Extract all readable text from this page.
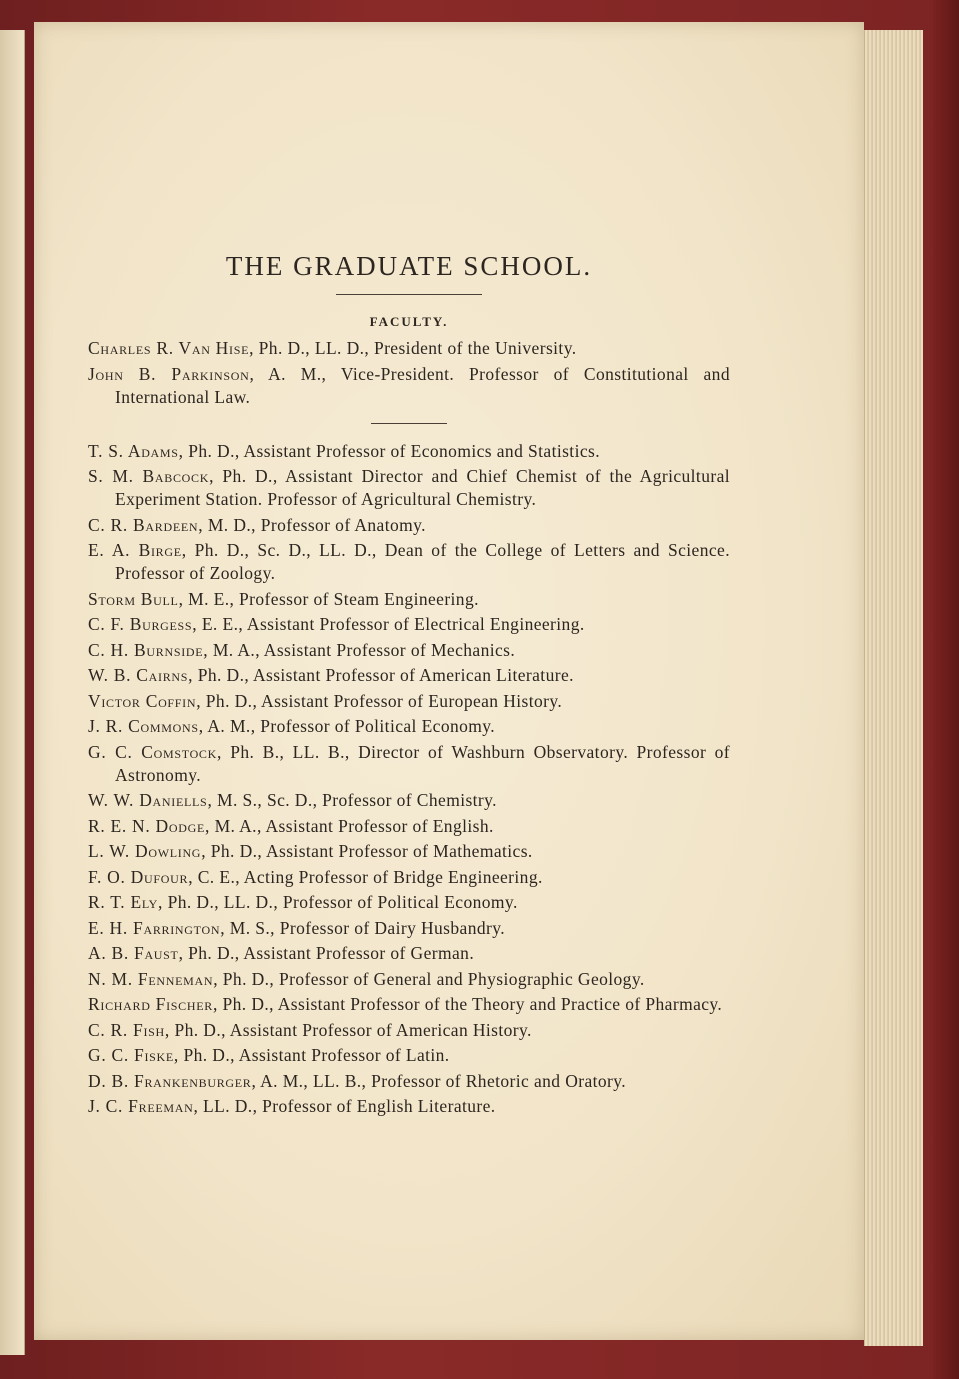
THE GRADUATE SCHOOL.
FACULTY.

Charles R. Van Hise, Ph. D., LL. D., President of the University.

John B. Parkinson, A. M., Vice-President. Professor of Constitutional and International Law.

T. S. Adams, Ph. D., Assistant Professor of Economics and Statistics.

S. M. Babcock, Ph. D., Assistant Director and Chief Chemist of the Agricultural Experiment Station. Professor of Agricultural Chemistry.

C. R. Bardeen, M. D., Professor of Anatomy.

E. A. Birge, Ph. D., Sc. D., LL. D., Dean of the College of Letters and Science. Professor of Zoology.

Storm Bull, M. E., Professor of Steam Engineering.

C. F. Burgess, E. E., Assistant Professor of Electrical Engineering.

C. H. Burnside, M. A., Assistant Professor of Mechanics.

W. B. Cairns, Ph. D., Assistant Professor of American Literature.

Victor Coffin, Ph. D., Assistant Professor of European History.

J. R. Commons, A. M., Professor of Political Economy.

G. C. Comstock, Ph. B., LL. B., Director of Washburn Observatory. Professor of Astronomy.

W. W. Daniells, M. S., Sc. D., Professor of Chemistry.

R. E. N. Dodge, M. A., Assistant Professor of English.

L. W. Dowling, Ph. D., Assistant Professor of Mathematics.

F. O. Dufour, C. E., Acting Professor of Bridge Engineering.

R. T. Ely, Ph. D., LL. D., Professor of Political Economy.

E. H. Farrington, M. S., Professor of Dairy Husbandry.

A. B. Faust, Ph. D., Assistant Professor of German.

N. M. Fenneman, Ph. D., Professor of General and Physiographic Geology.

Richard Fischer, Ph. D., Assistant Professor of the Theory and Practice of Pharmacy.

C. R. Fish, Ph. D., Assistant Professor of American History.

G. C. Fiske, Ph. D., Assistant Professor of Latin.

D. B. Frankenburger, A. M., LL. B., Professor of Rhetoric and Oratory.

J. C. Freeman, LL. D., Professor of English Literature.
